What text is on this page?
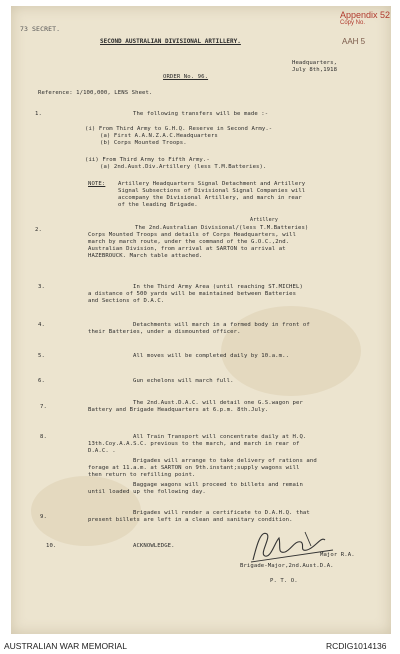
Appendix 52
Copy No.
AAH 5
73 SECRET.
SECOND AUSTRALIAN DIVISIONAL ARTILLERY.
Headquarters,
July 8th,1918
ORDER No. 96.
Reference: 1/100,000, LENS Sheet.
1.	The following transfers will be made :-
(i) From Third Army to G.H.Q. Reserve in Second Army.-
(a) First A.A.N.Z.A.C.Headquarters
(b) Corps Mounted Troops.
(ii) From Third Army to Fifth Army.-
(a) 2nd.Aust.Div.Artillery (less T.M.Batteries).
NOTE: Artillery Headquarters Signal Detachment and Artillery
Signal Subsections of Divisional Signal Companies will
accompany the Divisional Artillery, and march in rear
of the leading Brigade.
Artillery
2.	The 2nd.Australian Divisional/(less T.M.Batteries)
Corps Mounted Troops and details of Corps Headquarters, will
march by march route, under the command of the G.O.C.,2nd.
Australian Division, from arrival at SARTON to arrival at
HAZEBROUCK. March table attached.
3.	In the Third Army Area (until reaching ST.MICHEL)
a distance of 500 yards will be maintained between Batteries
and Sections of D.A.C.
4.	Detachments will march in a formed body in front of
their Batteries, under a dismounted officer.
5.	All moves will be completed daily by 10.a.m..
6.	Gun echelons will march full.
7.
The 2nd.Aust.D.A.C. will detail one G.S.wagon per
Battery and Brigade Headquarters at 6.p.m. 8th.July.
8.	All Train Transport will concentrate daily at H.Q.
13th.Coy.A.A.S.C. previous to the march, and march in rear of
D.A.C. .
Brigades will arrange to take delivery of rations and
forage at 11.a.m. at SARTON on 9th.instant;supply wagons will
then return to refilling point.
Baggage wagons will proceed to billets and remain
until loaded up the following day.
9.
Brigades will render a certificate to D.A.H.Q. that
present billets are left in a clean and sanitary condition.
10.	ACKNOWLEDGE.
Major R.A.
Brigade-Major,2nd.Aust.D.A.
P. T. O.
AUSTRALIAN WAR MEMORIAL	RCDIG1014136
